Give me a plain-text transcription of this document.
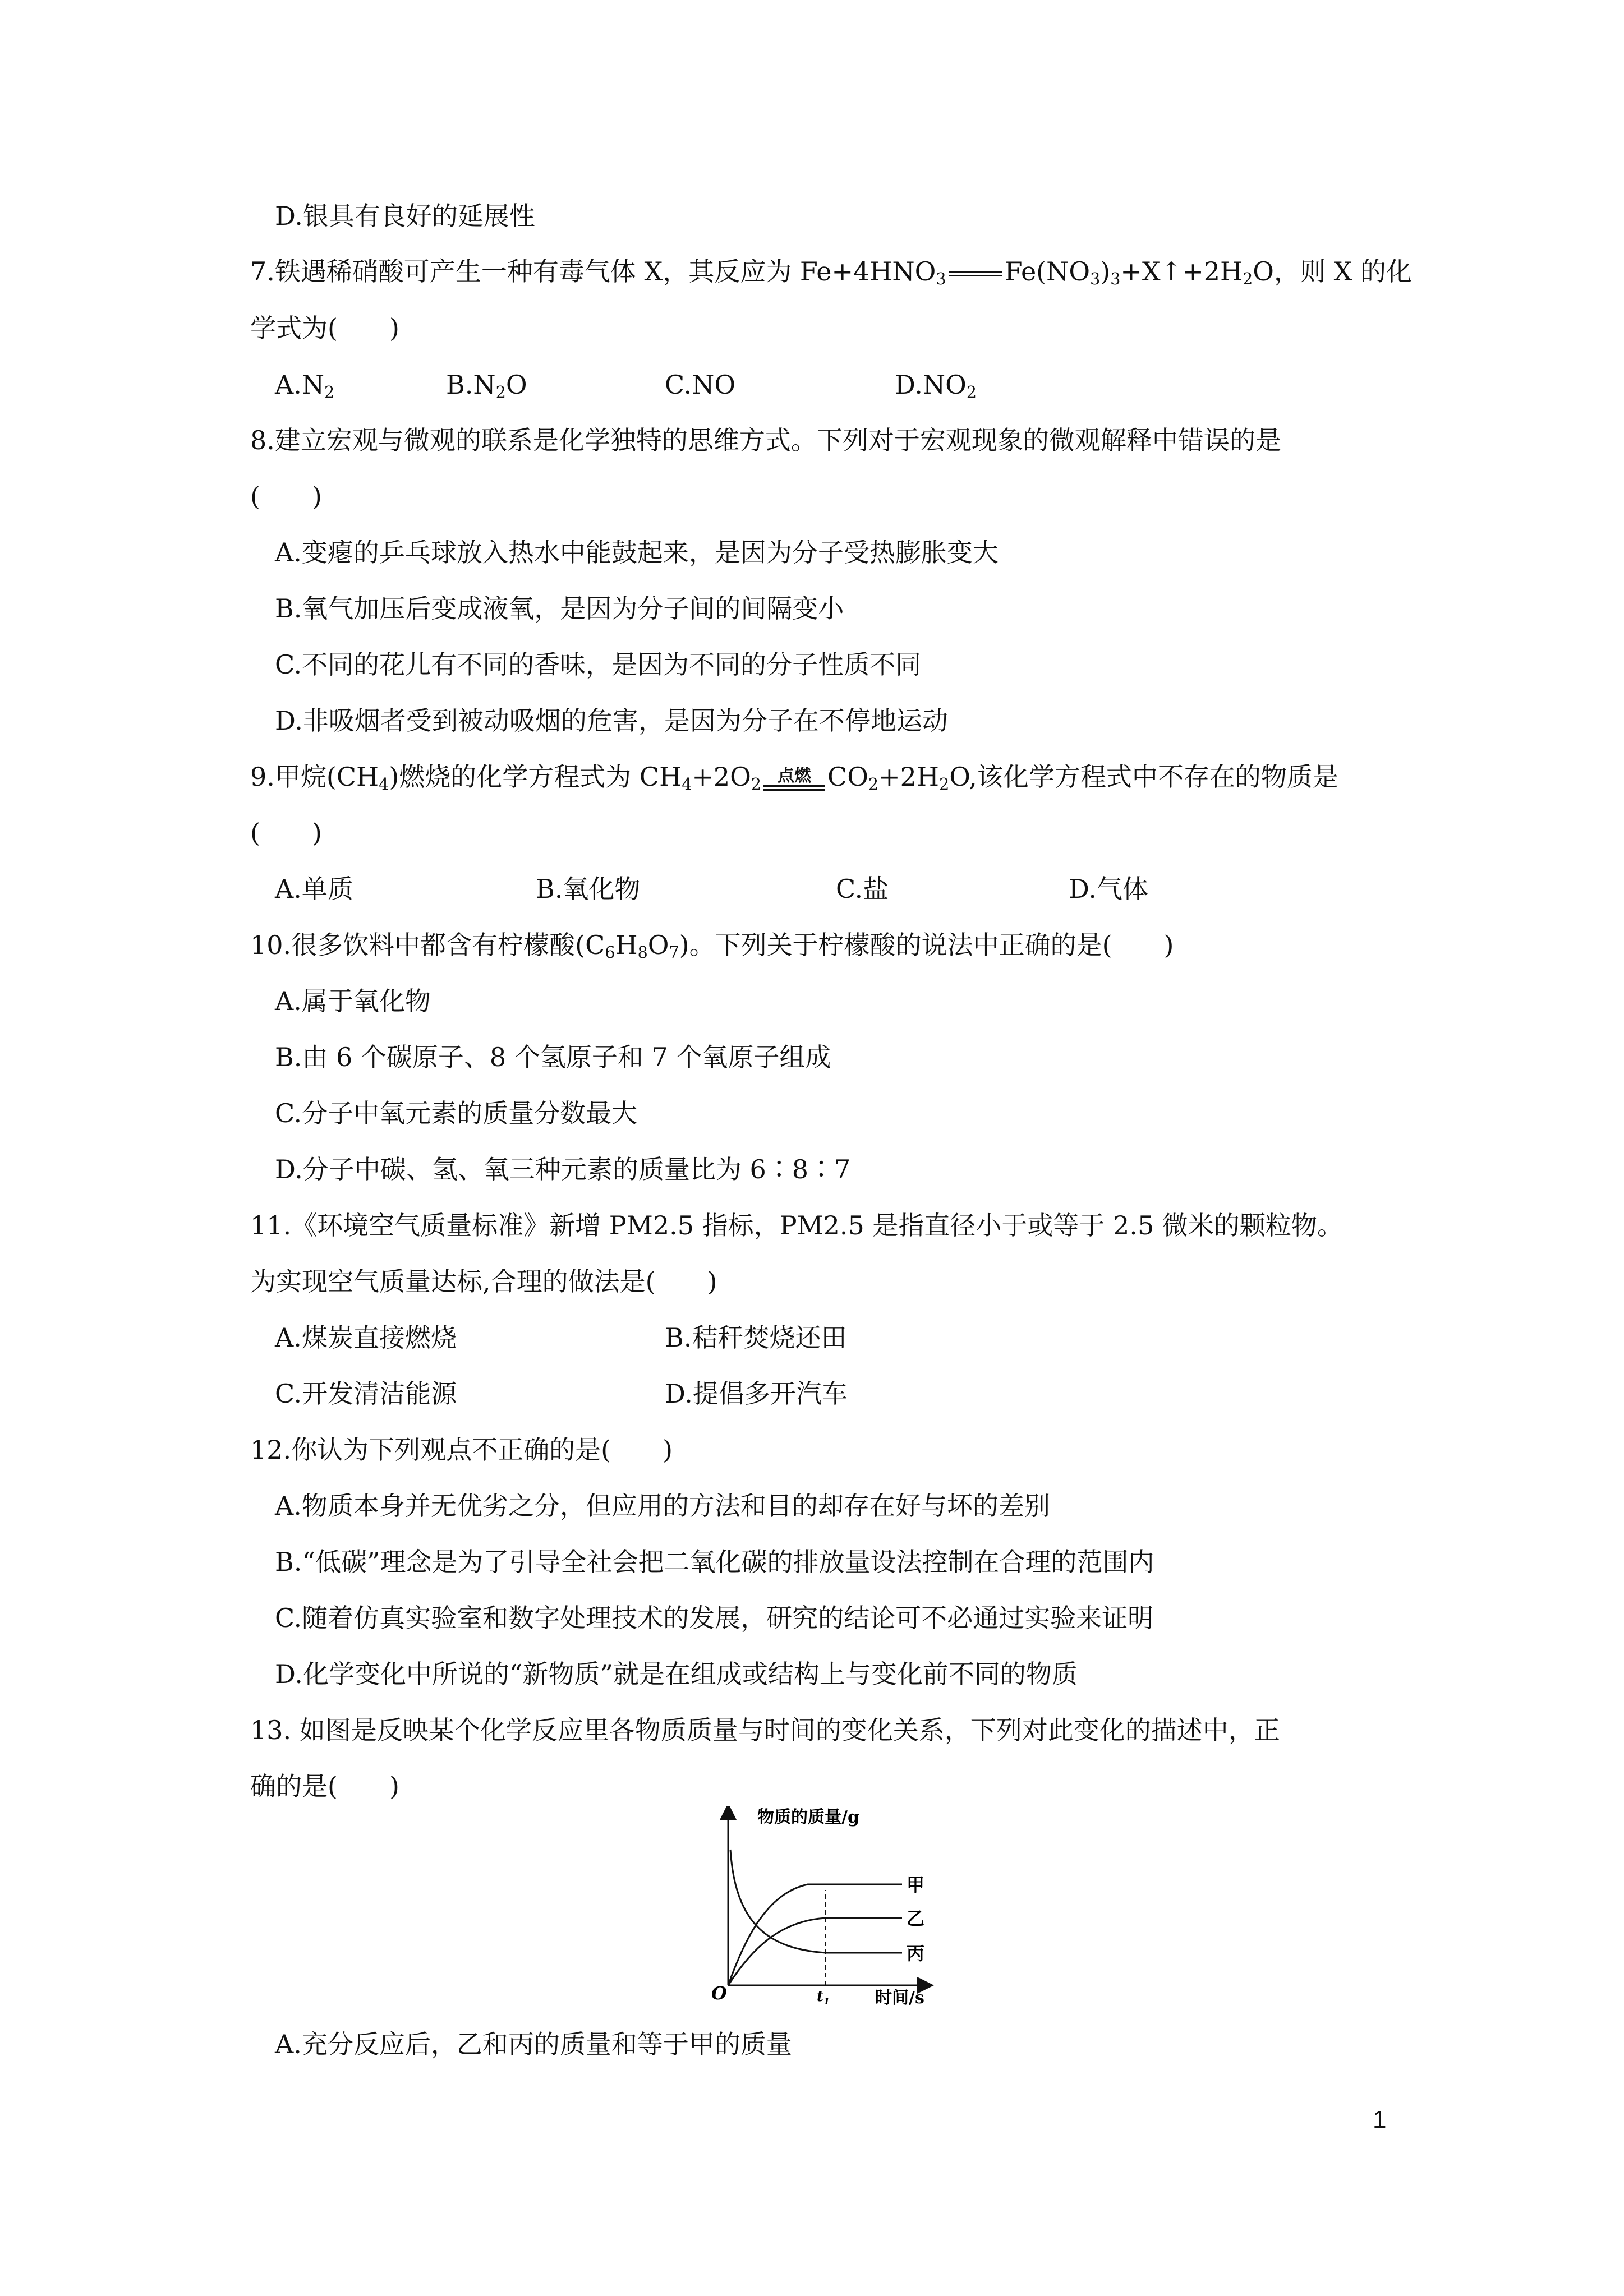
D.银具有良好的延展性
7.铁遇稀硝酸可产生一种有毒气体 X，其反应为 $Fe+4HNO_3$ $Fe(NO_3)_3+X↑+2H_2O$，则 X 的化
学式为(　　)
$A.N_2$	$B.N_2O$	C.NO	$D.NO_2$
8.建立宏观与微观的联系是化学独特的思维方式。下列对于宏观现象的微观解释中错误的是
(　　)
A.变瘪的乒乓球放入热水中能鼓起来，是因为分子受热膨胀变大
B.氧气加压后变成液氧，是因为分子间的间隔变小
C.不同的花儿有不同的香味，是因为不同的分子性质不同
D.非吸烟者受到被动吸烟的危害，是因为分子在不停地运动
9.甲烷$(CH_4)$燃烧的化学方程式为 $CH_4+2O_2$ 点燃 $CO_2+2H_2O$,该化学方程式中不存在的物质是
(　　)
A.单质	B.氧化物	C.盐	D.气体
10.很多饮料中都含有柠檬酸$(C_6H_8O_7)$。下列关于柠檬酸的说法中正确的是(　　)
A.属于氧化物
B.由 6 个碳原子、8 个氢原子和 7 个氧原子组成
C.分子中氧元素的质量分数最大
D.分子中碳、氢、氧三种元素的质量比为 6∶8∶7
11.《环境空气质量标准》新增 PM2.5 指标，PM2.5 是指直径小于或等于 2.5 微米的颗粒物。
为实现空气质量达标,合理的做法是(　　)
A.煤炭直接燃烧	B.秸秆焚烧还田
C.开发清洁能源	D.提倡多开汽车
12.你认为下列观点不正确的是(　　)
A.物质本身并无优劣之分，但应用的方法和目的却存在好与坏的差别
B.“低碳”理念是为了引导全社会把二氧化碳的排放量设法控制在合理的范围内
C.随着仿真实验室和数字处理技术的发展，研究的结论可不必通过实验来证明
D.化学变化中所说的“新物质”就是在组成或结构上与变化前不同的物质
13. 如图是反映某个化学反应里各物质质量与时间的变化关系，下列对此变化的描述中，正
确的是(　　)
物质的质量/g
时间/s
O	$t_1$
甲
乙
丙
A.充分反应后，乙和丙的质量和等于甲的质量
1
